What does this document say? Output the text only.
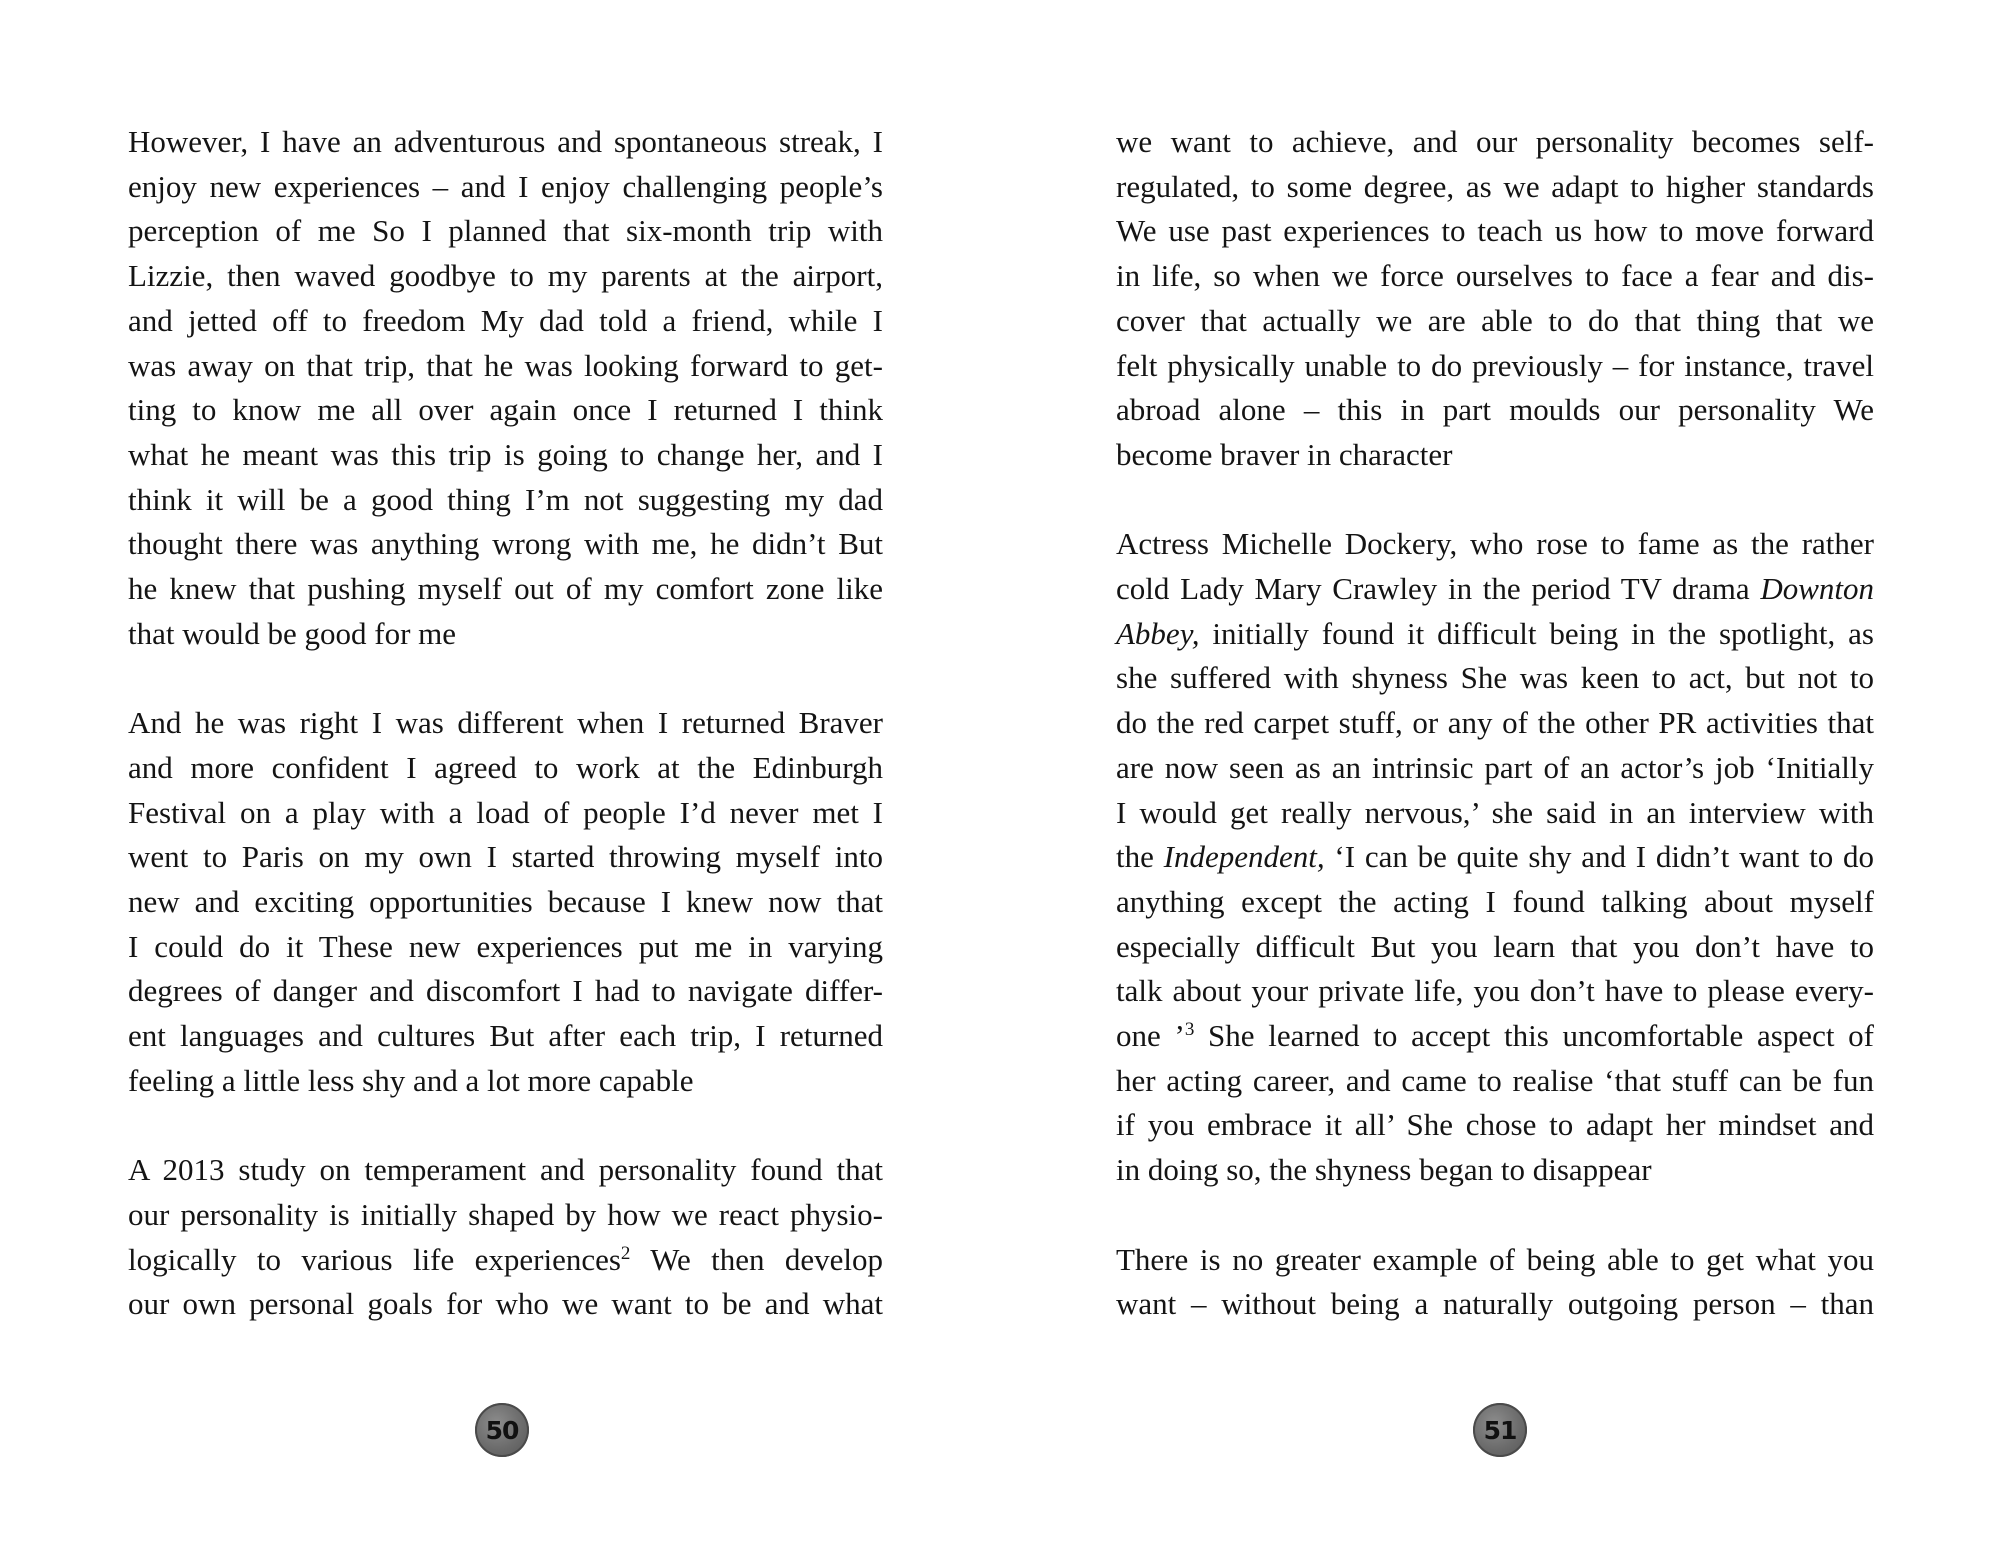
However, I have an adventurous and spontaneous streak, I
enjoy new experiences – and I enjoy challenging people’s
perception of me So I planned that six-month trip with
Lizzie, then waved goodbye to my parents at the airport,
and jetted off to freedom My dad told a friend, while I
was away on that trip, that he was looking forward to get-
ting to know me all over again once I returned I think
what he meant was this trip is going to change her, and I
think it will be a good thing I’m not suggesting my dad
thought there was anything wrong with me, he didn’t But
he knew that pushing myself out of my comfort zone like
that would be good for me
And he was right I was different when I returned Braver
and more confident I agreed to work at the Edinburgh
Festival on a play with a load of people I’d never met I
went to Paris on my own I started throwing myself into
new and exciting opportunities because I knew now that
I could do it These new experiences put me in varying
degrees of danger and discomfort I had to navigate differ-
ent languages and cultures But after each trip, I returned
feeling a little less shy and a lot more capable
A 2013 study on temperament and personality found that
our personality is initially shaped by how we react physio-
logically to various life experiences$^2$ We then develop
our own personal goals for who we want to be and what
50
we want to achieve, and our personality becomes self-
regulated, to some degree, as we adapt to higher standards
We use past experiences to teach us how to move forward
in life, so when we force ourselves to face a fear and dis-
cover that actually we are able to do that thing that we
felt physically unable to do previously – for instance, travel
abroad alone – this in part moulds our personality We
become braver in character
Actress Michelle Dockery, who rose to fame as the rather
cold Lady Mary Crawley in the period TV drama Downton
Abbey, initially found it difficult being in the spotlight, as
she suffered with shyness She was keen to act, but not to
do the red carpet stuff, or any of the other PR activities that
are now seen as an intrinsic part of an actor’s job ‘Initially
I would get really nervous,’ she said in an interview with
the Independent, ‘I can be quite shy and I didn’t want to do
anything except the acting I found talking about myself
especially difficult But you learn that you don’t have to
talk about your private life, you don’t have to please every-
one ’$^3$ She learned to accept this uncomfortable aspect of
her acting career, and came to realise ‘that stuff can be fun
if you embrace it all’ She chose to adapt her mindset and
in doing so, the shyness began to disappear
There is no greater example of being able to get what you
want – without being a naturally outgoing person – than
51
